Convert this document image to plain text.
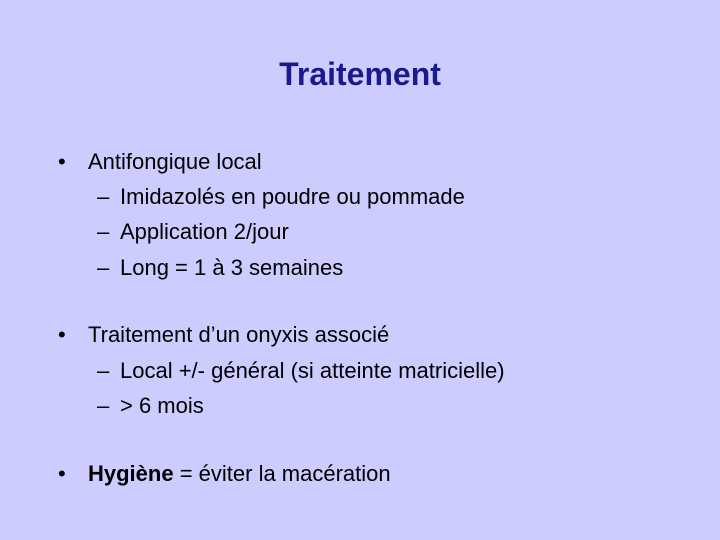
Traitement
• Antifongique local
– Imidazolés en poudre ou pommade
– Application 2/jour
– Long = 1 à 3 semaines
• Traitement d’un onyxis associé
– Local +/- général (si atteinte matricielle)
– > 6 mois
• Hygiène = éviter la macération
